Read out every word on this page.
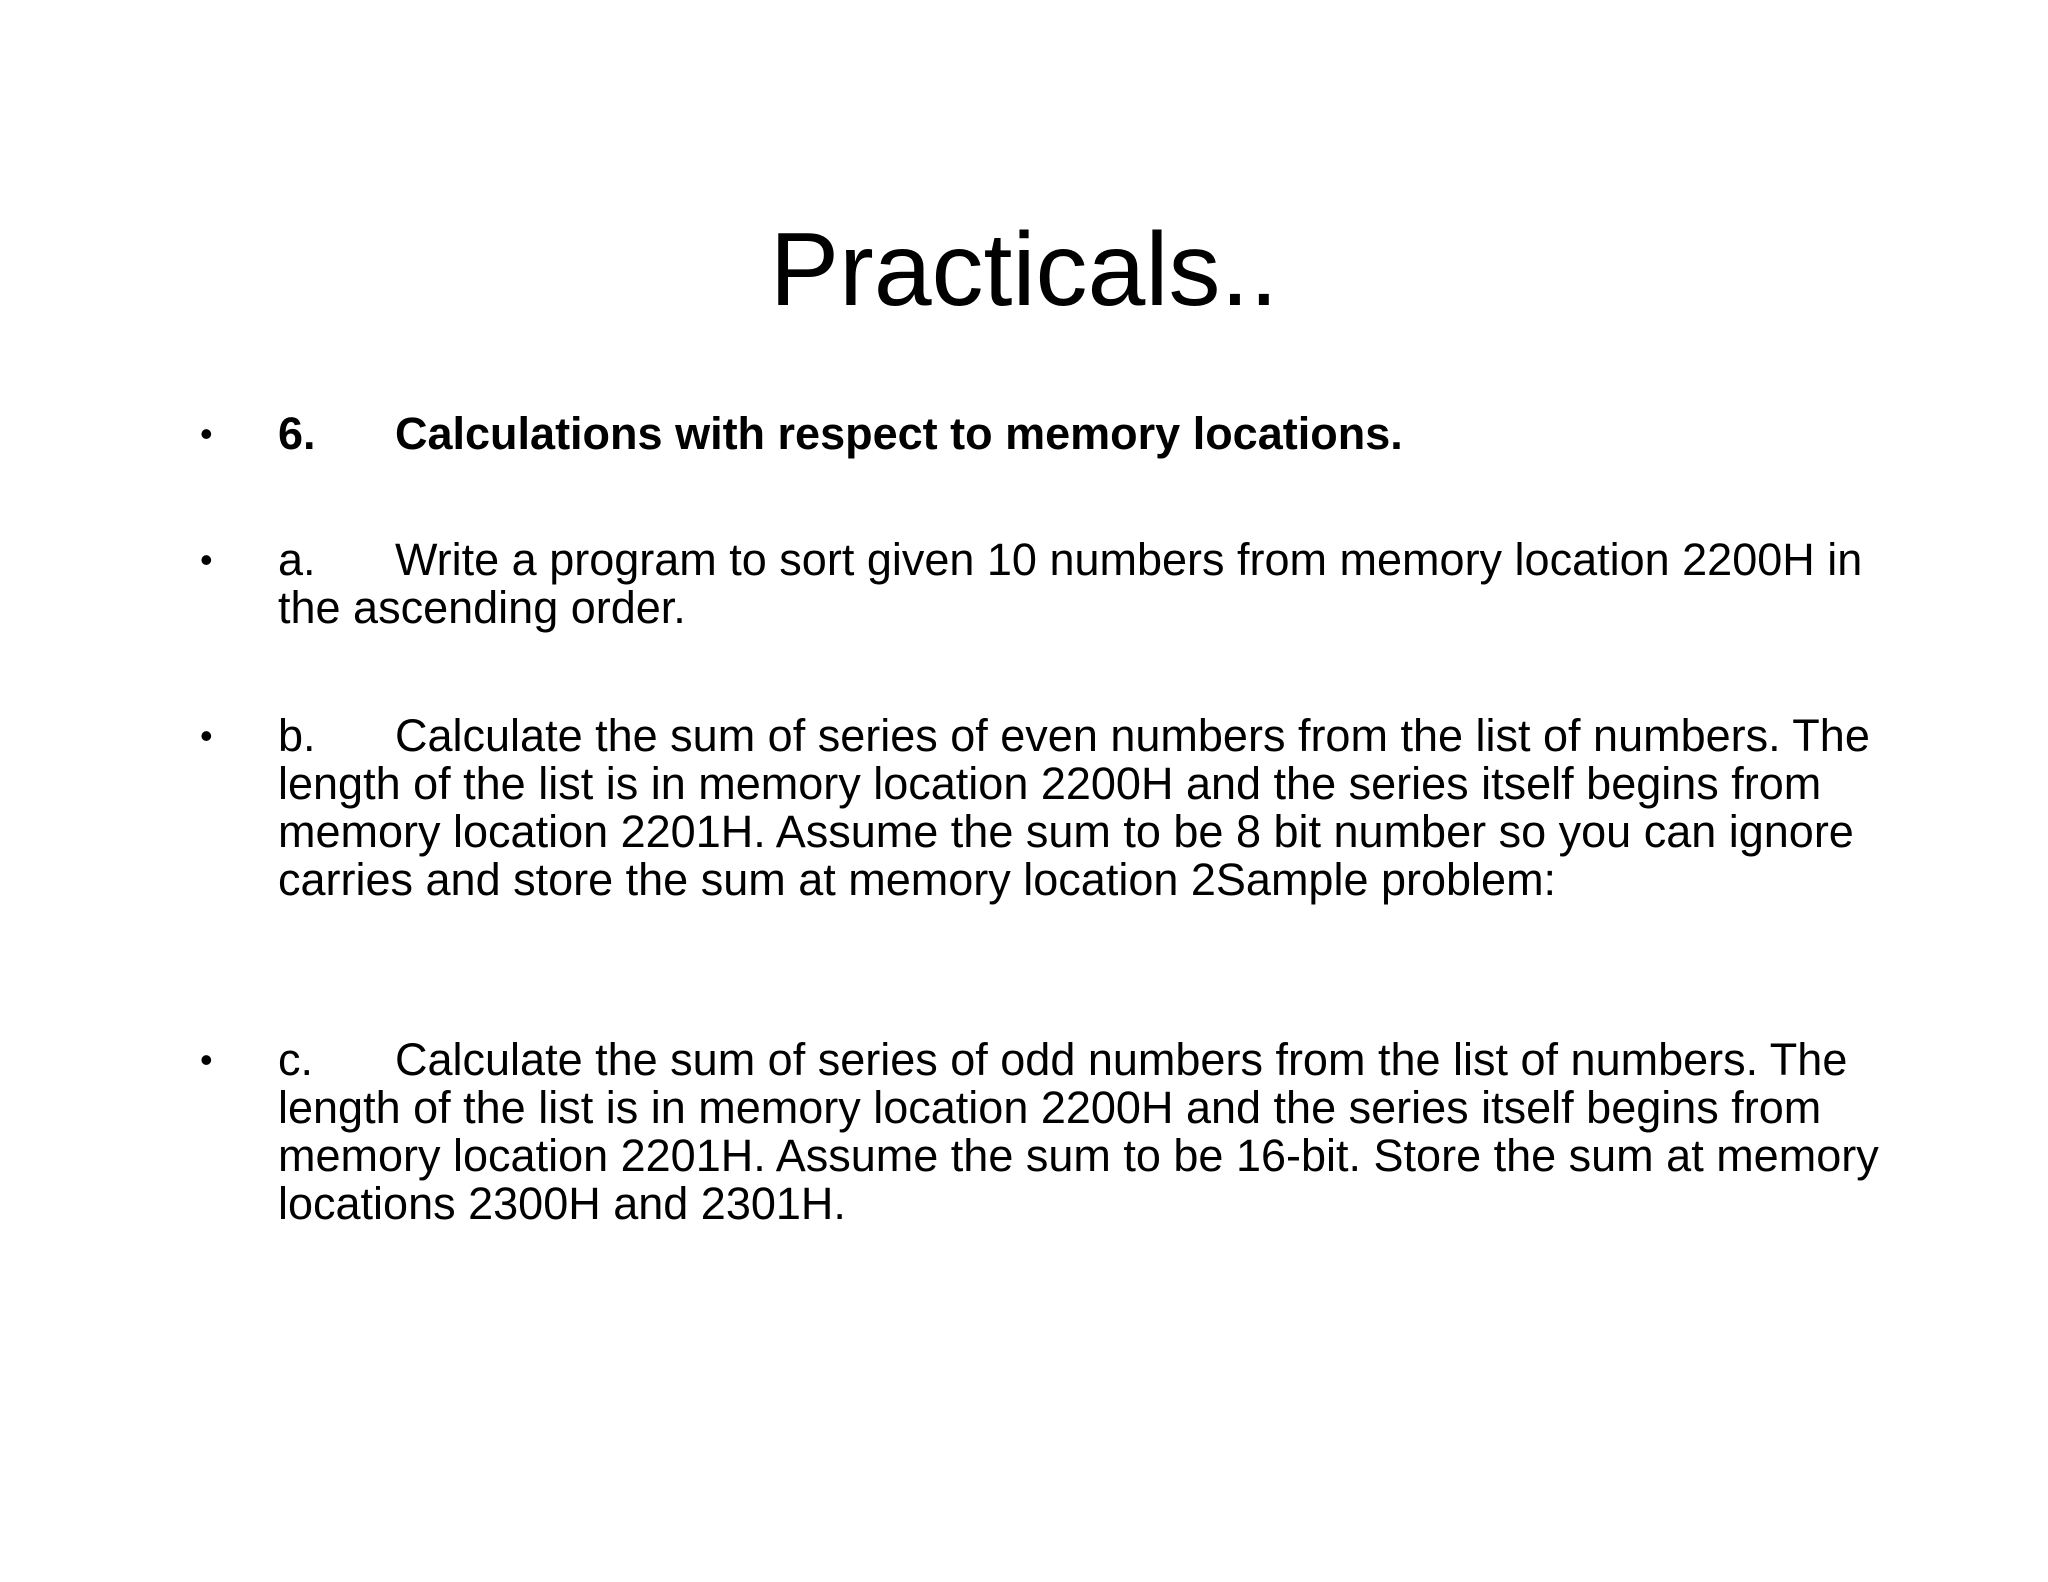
Practicals..
• 6.	Calculations with respect to memory locations.
• a.	Write a program to sort given 10 numbers from memory location 2200H in the ascending order.
• b.	Calculate the sum of series of even numbers from the list of numbers. The length of the list is in memory location 2200H and the series itself begins from memory location 2201H. Assume the sum to be 8 bit number so you can ignore carries and store the sum at memory location 2Sample problem:
• c.	Calculate the sum of series of odd numbers from the list of numbers. The length of the list is in memory location 2200H and the series itself begins from memory location 2201H. Assume the sum to be 16-bit. Store the sum at memory locations 2300H and 2301H.
